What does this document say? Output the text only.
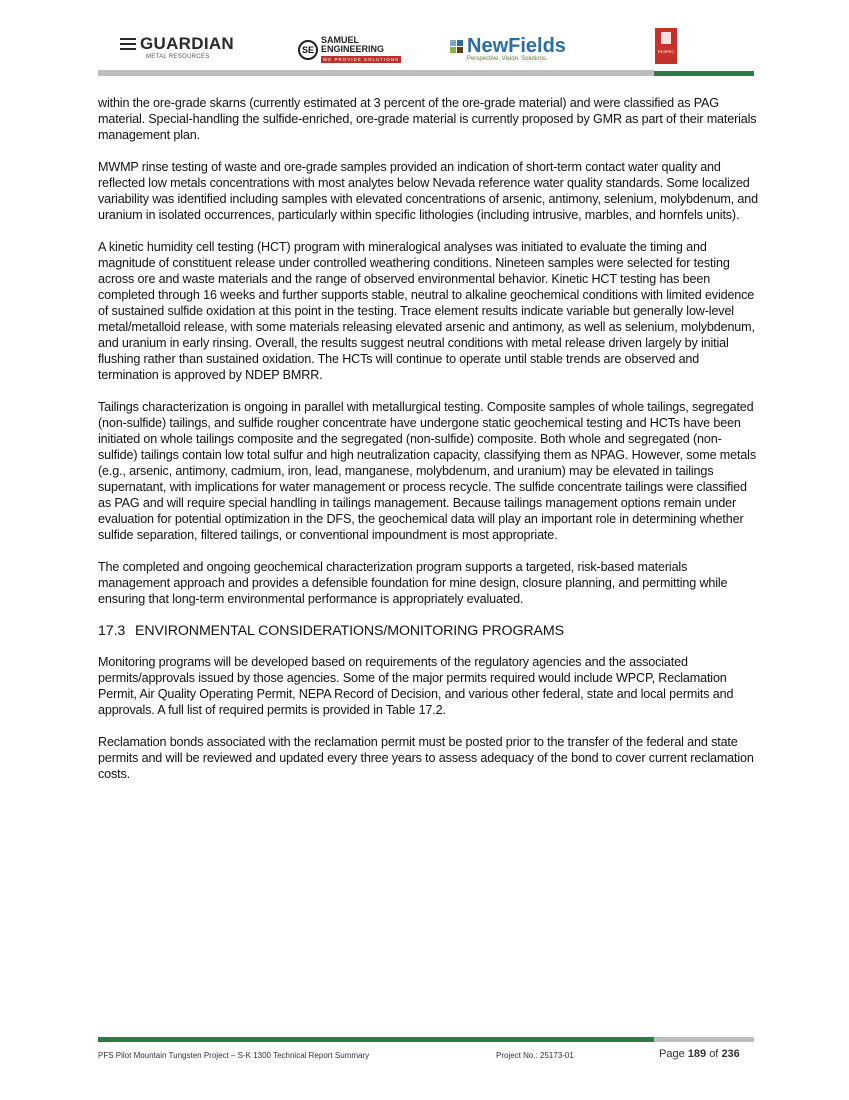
GUARDIAN
METAL RESOURCES
SE
SAMUEL
ENGINEERING
WE PROVIDE SOLUTIONS
NewFields
Perspective. Vision. Solutions.
RESPEC

within the ore-grade skarns (currently estimated at 3 percent of the ore-grade material) and were classified as PAG material. Special-handling the sulfide-enriched, ore-grade material is currently proposed by GMR as part of their materials management plan.

MWMP rinse testing of waste and ore-grade samples provided an indication of short-term contact water quality and reflected low metals concentrations with most analytes below Nevada reference water quality standards. Some localized variability was identified including samples with elevated concentrations of arsenic, antimony, selenium, molybdenum, and uranium in isolated occurrences, particularly within specific lithologies (including intrusive, marbles, and hornfels units).

A kinetic humidity cell testing (HCT) program with mineralogical analyses was initiated to evaluate the timing and magnitude of constituent release under controlled weathering conditions. Nineteen samples were selected for testing across ore and waste materials and the range of observed environmental behavior. Kinetic HCT testing has been completed through 16 weeks and further supports stable, neutral to alkaline geochemical conditions with limited evidence of sustained sulfide oxidation at this point in the testing. Trace element results indicate variable but generally low-level metal/metalloid release, with some materials releasing elevated arsenic and antimony, as well as selenium, molybdenum, and uranium in early rinsing. Overall, the results suggest neutral conditions with metal release driven largely by initial flushing rather than sustained oxidation. The HCTs will continue to operate until stable trends are observed and termination is approved by NDEP BMRR.

Tailings characterization is ongoing in parallel with metallurgical testing. Composite samples of whole tailings, segregated (non-sulfide) tailings, and sulfide rougher concentrate have undergone static geochemical testing and HCTs have been initiated on whole tailings composite and the segregated (non-sulfide) composite. Both whole and segregated (non-sulfide) tailings contain low total sulfur and high neutralization capacity, classifying them as NPAG. However, some metals (e.g., arsenic, antimony, cadmium, iron, lead, manganese, molybdenum, and uranium) may be elevated in tailings supernatant, with implications for water management or process recycle. The sulfide concentrate tailings were classified as PAG and will require special handling in tailings management. Because tailings management options remain under evaluation for potential optimization in the DFS, the geochemical data will play an important role in determining whether sulfide separation, filtered tailings, or conventional impoundment is most appropriate.

The completed and ongoing geochemical characterization program supports a targeted, risk-based materials management approach and provides a defensible foundation for mine design, closure planning, and permitting while ensuring that long-term environmental performance is appropriately evaluated.

17.3 ENVIRONMENTAL CONSIDERATIONS/MONITORING PROGRAMS

Monitoring programs will be developed based on requirements of the regulatory agencies and the associated permits/approvals issued by those agencies. Some of the major permits required would include WPCP, Reclamation Permit, Air Quality Operating Permit, NEPA Record of Decision, and various other federal, state and local permits and approvals. A full list of required permits is provided in Table 17.2.

Reclamation bonds associated with the reclamation permit must be posted prior to the transfer of the federal and state permits and will be reviewed and updated every three years to assess adequacy of the bond to cover current reclamation costs.

PFS Pilot Mountain Tungsten Project – S-K 1300 Technical Report Summary	Project No.: 25173-01	Page 189 of 236
